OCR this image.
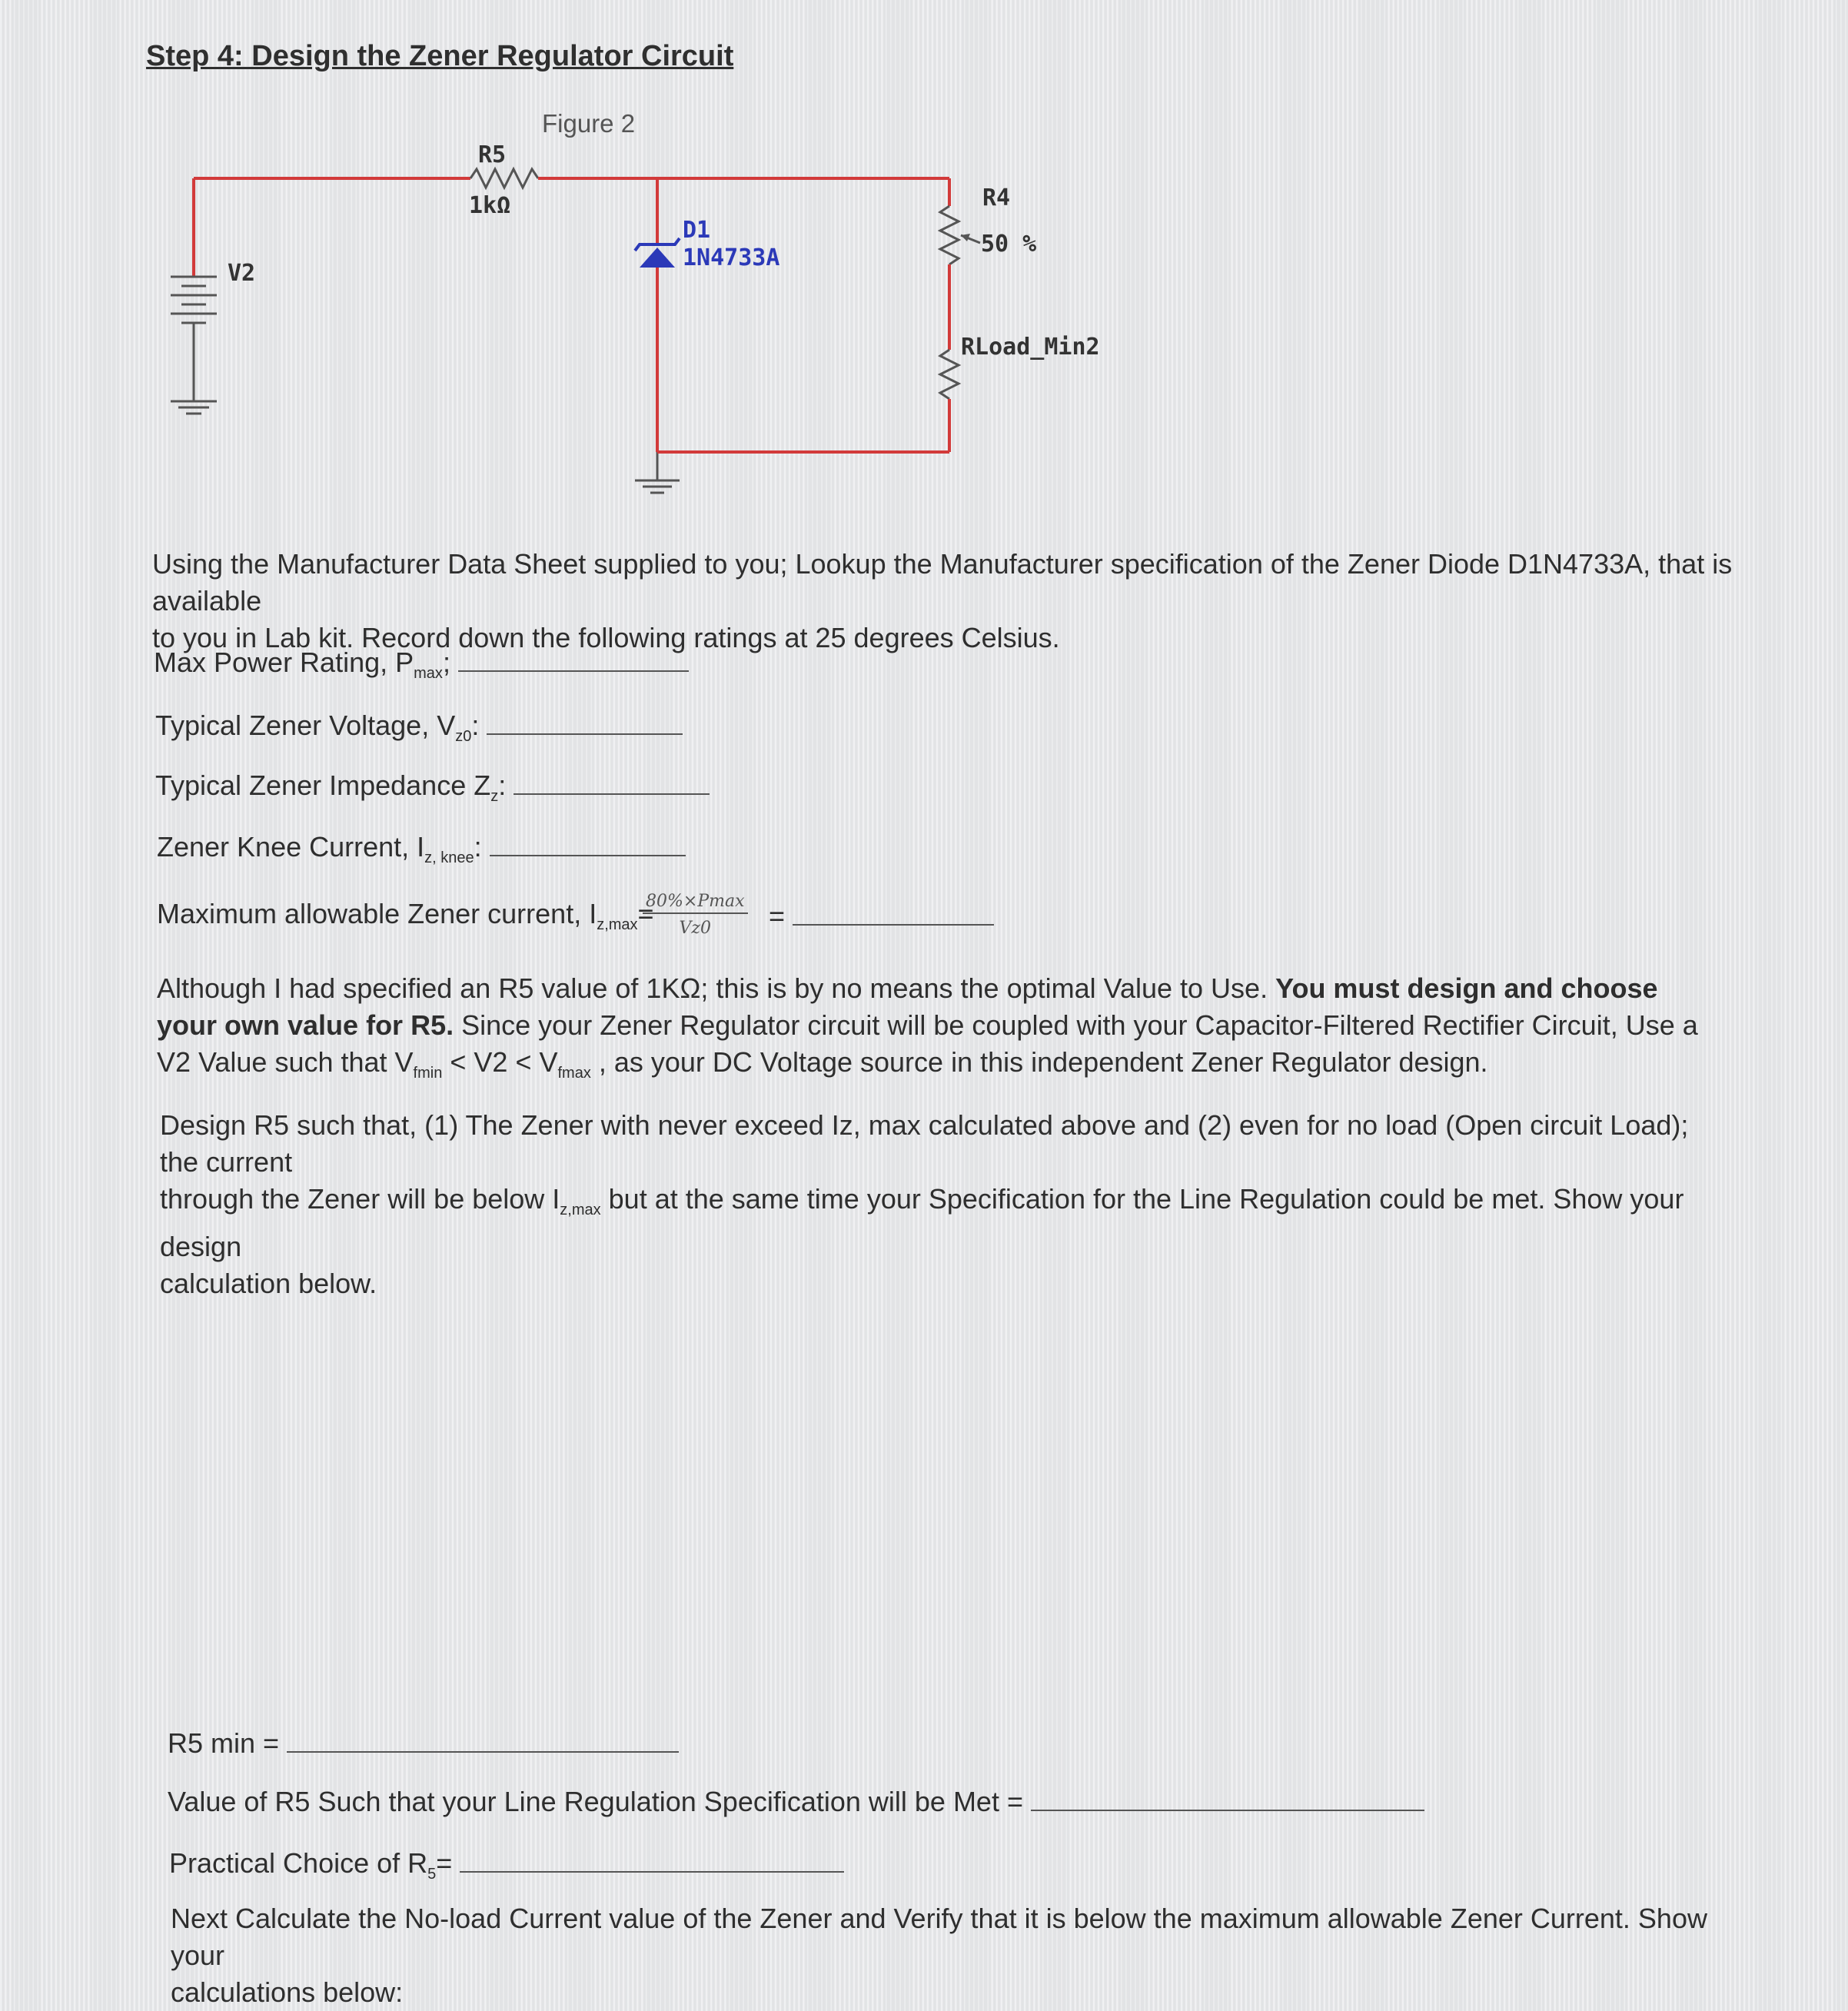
Step 4: Design the Zener Regulator Circuit
Figure 2
R5
1kΩ
V2
D1
1N4733A
R4
50 %
RLoad_Min2
Using the Manufacturer Data Sheet supplied to you; Lookup the Manufacturer specification of the Zener Diode D1N4733A, that is available
to you in Lab kit. Record down the following ratings at 25 degrees Celsius.
Max Power Rating, $P_{max}$;
Typical Zener Voltage, $V_{z0}$:
Typical Zener Impedance $Z_z$:
Zener Knee Current, $I_{z, knee}$:
Maximum allowable Zener current, $I_{z,max}=$
80%×Pmax
Vz0	=
Although I had specified an R5 value of 1KΩ; this is by no means the optimal Value to Use. You must design and choose your own value for R5. Since your Zener Regulator circuit will be coupled with your Capacitor-Filtered Rectifier Circuit, Use a V2 Value such that $V_{fmin} < V2 < V_{fmax}$ , as your DC Voltage source in this independent Zener Regulator design.
Design R5 such that, (1) The Zener with never exceed Iz, max calculated above and (2) even for no load (Open circuit Load); the current
through the Zener will be below $I_{z,max}$ but at the same time your Specification for the Line Regulation could be met. Show your design
calculation below.
R5 min =
Value of R5 Such that your Line Regulation Specification will be Met =
Practical Choice of $R_5=$
Next Calculate the No-load Current value of the Zener and Verify that it is below the maximum allowable Zener Current. Show your
calculations below:
